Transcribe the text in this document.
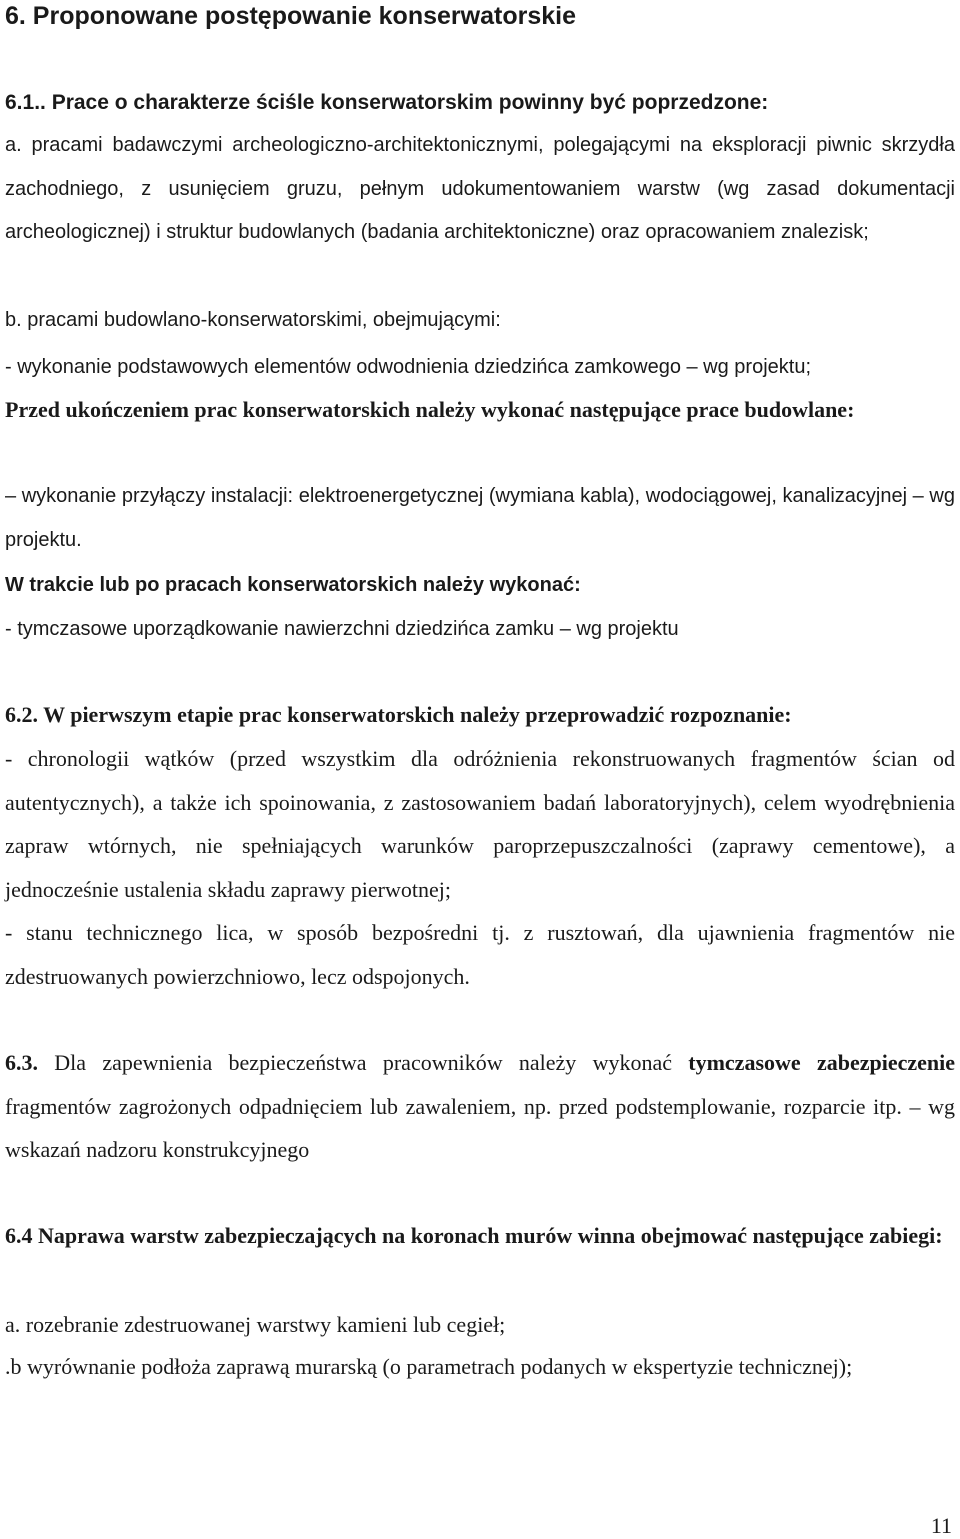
6. Proponowane postępowanie konserwatorskie
6.1.. Prace o charakterze ściśle konserwatorskim powinny być poprzedzone:
a. pracami badawczymi archeologiczno-architektonicznymi, polegającymi na eksploracji piwnic skrzydła zachodniego, z usunięciem gruzu, pełnym udokumentowaniem warstw (wg zasad dokumentacji archeologicznej) i struktur budowlanych (badania architektoniczne) oraz opracowaniem znalezisk;
b. pracami budowlano-konserwatorskimi, obejmującymi:
- wykonanie podstawowych elementów odwodnienia dziedzińca zamkowego – wg projektu;
Przed ukończeniem prac konserwatorskich należy wykonać następujące prace budowlane:
– wykonanie przyłączy instalacji: elektroenergetycznej (wymiana kabla), wodociągowej, kanalizacyjnej – wg projektu.
W trakcie lub po pracach konserwatorskich należy wykonać:
- tymczasowe uporządkowanie nawierzchni dziedzińca zamku – wg projektu
6.2. W pierwszym etapie prac konserwatorskich należy przeprowadzić rozpoznanie:
- chronologii wątków (przed wszystkim dla odróżnienia rekonstruowanych fragmentów ścian od autentycznych), a także ich spoinowania, z zastosowaniem badań laboratoryjnych), celem wyodrębnienia zapraw wtórnych, nie spełniających warunków paroprzepuszczalności (zaprawy cementowe), a jednocześnie ustalenia składu zaprawy pierwotnej;
- stanu technicznego lica, w sposób bezpośredni tj. z rusztowań, dla ujawnienia fragmentów nie zdestruowanych powierzchniowo, lecz odspojonych.
6.3. Dla zapewnienia bezpieczeństwa pracowników należy wykonać tymczasowe zabezpieczenie fragmentów zagrożonych odpadnięciem lub zawaleniem, np. przed podstemplowanie, rozparcie itp. – wg wskazań nadzoru konstrukcyjnego
6.4 Naprawa warstw zabezpieczających na koronach murów winna obejmować następujące zabiegi:
a. rozebranie zdestruowanej warstwy kamieni lub cegieł;
.b wyrównanie podłoża zaprawą murarską (o parametrach podanych w ekspertyzie technicznej);
11
